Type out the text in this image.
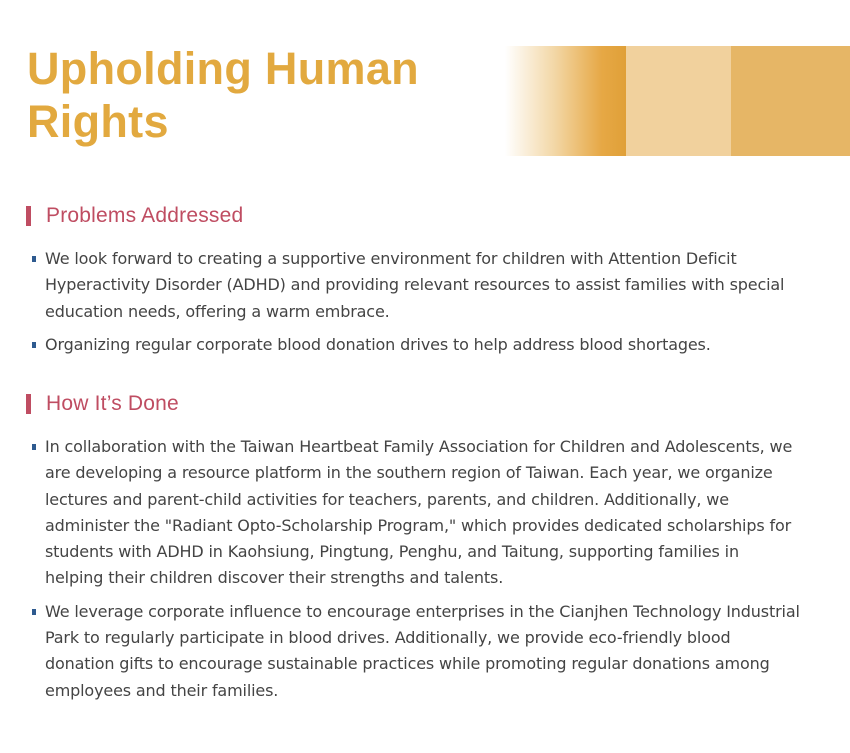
Upholding Human
Rights
Problems Addressed
We look forward to creating a supportive environment for children with Attention Deficit Hyperactivity Disorder (ADHD) and providing relevant resources to assist families with special education needs, offering a warm embrace.
Organizing regular corporate blood donation drives to help address blood shortages.
How It’s Done
In collaboration with the Taiwan Heartbeat Family Association for Children and Adolescents, we are developing a resource platform in the southern region of Taiwan. Each year, we organize lectures and parent-child activities for teachers, parents, and children. Additionally, we administer the "Radiant Opto-Scholarship Program," which provides dedicated scholarships for students with ADHD in Kaohsiung, Pingtung, Penghu, and Taitung, supporting families in helping their children discover their strengths and talents.
We leverage corporate influence to encourage enterprises in the Cianjhen Technology Industrial Park to regularly participate in blood drives. Additionally, we provide eco-friendly blood donation gifts to encourage sustainable practices while promoting regular donations among employees and their families.
